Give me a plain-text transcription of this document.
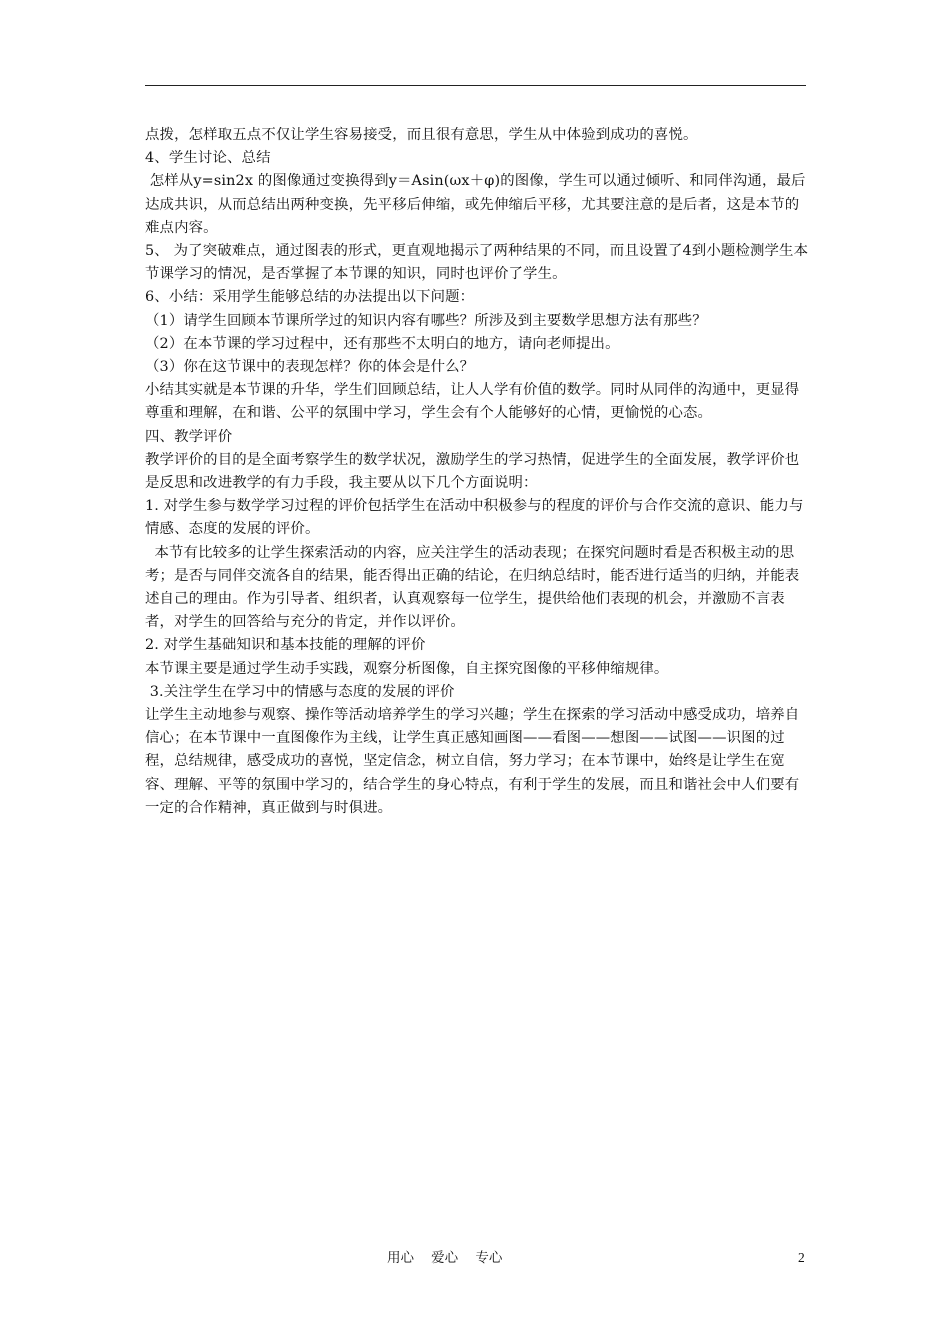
点拨，怎样取五点不仅让学生容易接受，而且很有意思，学生从中体验到成功的喜悦。

4、学生讨论、总结

怎样从y=sin2x 的图像通过变换得到y＝Asin(ωx＋φ)的图像，学生可以通过倾听、和同伴沟通，最后达成共识，从而总结出两种变换，先平移后伸缩，或先伸缩后平移，尤其要注意的是后者，这是本节的难点内容。

5、 为了突破难点，通过图表的形式，更直观地揭示了两种结果的不同，而且设置了4到小题检测学生本节课学习的情况，是否掌握了本节课的知识，同时也评价了学生。

6、小结：采用学生能够总结的办法提出以下问题：

（1）请学生回顾本节课所学过的知识内容有哪些？所涉及到主要数学思想方法有那些？

（2）在本节课的学习过程中，还有那些不太明白的地方，请向老师提出。

（3）你在这节课中的表现怎样？你的体会是什么？

小结其实就是本节课的升华，学生们回顾总结，让人人学有价值的数学。同时从同伴的沟通中，更显得尊重和理解，在和谐、公平的氛围中学习，学生会有个人能够好的心情，更愉悦的心态。

四、教学评价

教学评价的目的是全面考察学生的数学状况，激励学生的学习热情，促进学生的全面发展，教学评价也是反思和改进教学的有力手段，我主要从以下几个方面说明：

1. 对学生参与数学学习过程的评价包括学生在活动中积极参与的程度的评价与合作交流的意识、能力与情感、态度的发展的评价。

本节有比较多的让学生探索活动的内容，应关注学生的活动表现；在探究问题时看是否积极主动的思考；是否与同伴交流各自的结果，能否得出正确的结论，在归纳总结时，能否进行适当的归纳，并能表述自己的理由。作为引导者、组织者，认真观察每一位学生，提供给他们表现的机会，并激励不言表者，对学生的回答给与充分的肯定，并作以评价。

2. 对学生基础知识和基本技能的理解的评价

本节课主要是通过学生动手实践，观察分析图像，自主探究图像的平移伸缩规律。

3.关注学生在学习中的情感与态度的发展的评价

让学生主动地参与观察、操作等活动培养学生的学习兴趣；学生在探索的学习活动中感受成功，培养自信心；在本节课中一直图像作为主线，让学生真正感知画图——看图——想图——试图——识图的过程，总结规律，感受成功的喜悦，坚定信念，树立自信，努力学习；在本节课中，始终是让学生在宽容、理解、平等的氛围中学习的，结合学生的身心特点，有利于学生的发展，而且和谐社会中人们要有一定的合作精神，真正做到与时俱进。

用心    爱心    专心	2
